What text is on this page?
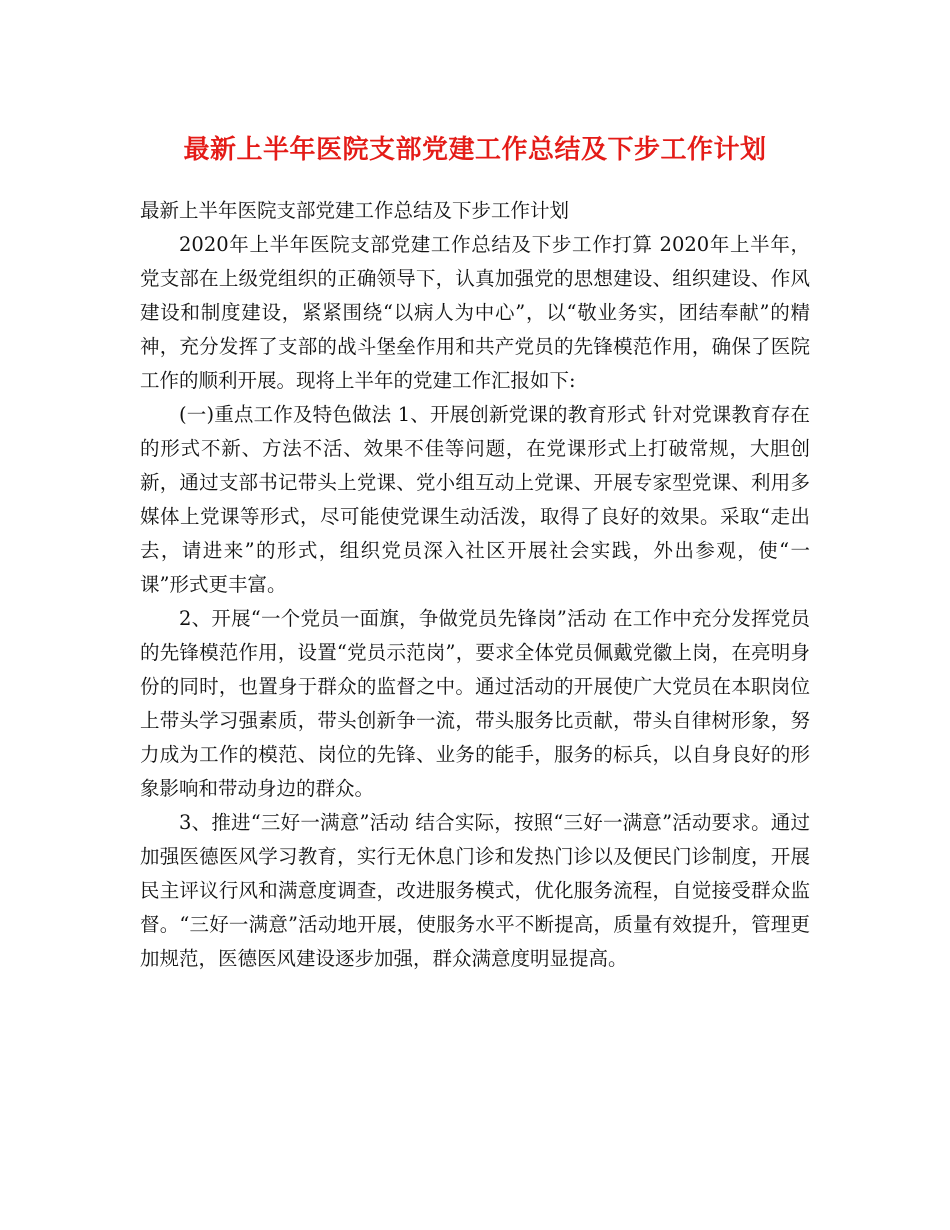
最新上半年医院支部党建工作总结及下步工作计划

最新上半年医院支部党建工作总结及下步工作计划

2020年上半年医院支部党建工作总结及下步工作打算 2020年上半年，党支部在上级党组织的正确领导下，认真加强党的思想建设、组织建设、作风建设和制度建设，紧紧围绕“以病人为中心”，以“敬业务实，团结奉献”的精神，充分发挥了支部的战斗堡垒作用和共产党员的先锋模范作用，确保了医院工作的顺利开展。现将上半年的党建工作汇报如下:

(一)重点工作及特色做法 1、开展创新党课的教育形式 针对党课教育存在的形式不新、方法不活、效果不佳等问题，在党课形式上打破常规，大胆创新，通过支部书记带头上党课、党小组互动上党课、开展专家型党课、利用多媒体上党课等形式，尽可能使党课生动活泼，取得了良好的效果。采取“走出去，请进来”的形式，组织党员深入社区开展社会实践，外出参观，使“一课”形式更丰富。

2、开展“一个党员一面旗，争做党员先锋岗”活动 在工作中充分发挥党员的先锋模范作用，设置“党员示范岗”，要求全体党员佩戴党徽上岗，在亮明身份的同时，也置身于群众的监督之中。通过活动的开展使广大党员在本职岗位上带头学习强素质，带头创新争一流，带头服务比贡献，带头自律树形象，努力成为工作的模范、岗位的先锋、业务的能手，服务的标兵，以自身良好的形象影响和带动身边的群众。

3、推进“三好一满意”活动 结合实际，按照“三好一满意”活动要求。通过加强医德医风学习教育，实行无休息门诊和发热门诊以及便民门诊制度，开展民主评议行风和满意度调查，改进服务模式，优化服务流程，自觉接受群众监督。“三好一满意”活动地开展，使服务水平不断提高，质量有效提升，管理更加规范，医德医风建设逐步加强，群众满意度明显提高。
